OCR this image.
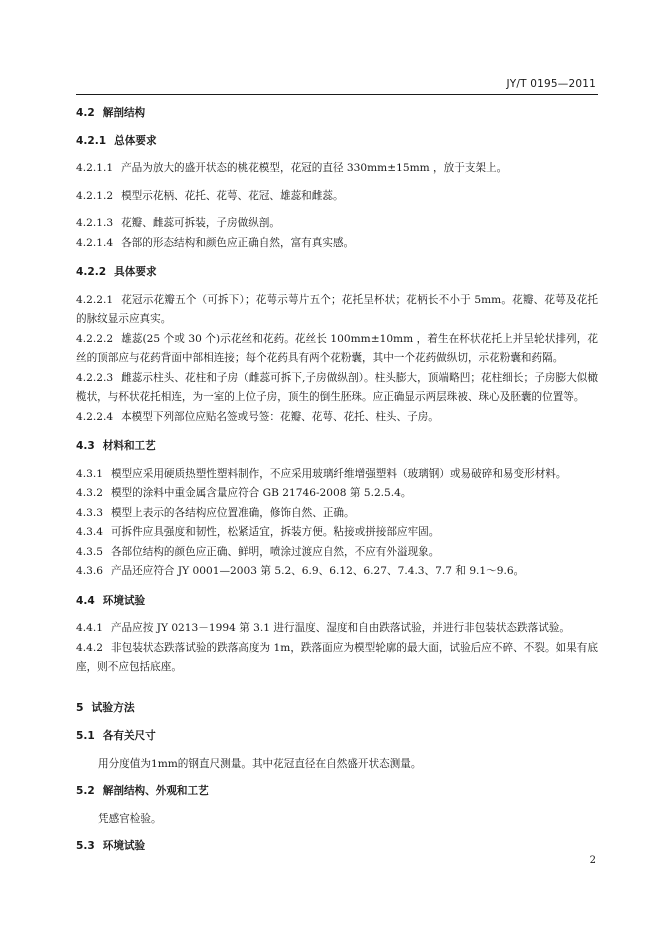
JY/T 0195—2011
4.2 解剖结构
4.2.1 总体要求
4.2.1.1 产品为放大的盛开状态的桃花模型，花冠的直径 330mm±15mm ，放于支架上。
4.2.1.2 模型示花柄、花托、花萼、花冠、雄蕊和雌蕊。
4.2.1.3 花瓣、雌蕊可拆装，子房做纵剖。
4.2.1.4 各部的形态结构和颜色应正确自然，富有真实感。
4.2.2 具体要求
4.2.2.1 花冠示花瓣五个（可拆下）；花萼示萼片五个；花托呈杯状；花柄长不小于 5mm。花瓣、花萼及花托的脉纹显示应真实。
4.2.2.2 雄蕊(25 个或 30 个)示花丝和花药。花丝长 100mm±10mm ，着生在杯状花托上并呈轮状排列，花丝的顶部应与花药背面中部相连接；每个花药具有两个花粉囊，其中一个花药做纵切，示花粉囊和药隔。
4.2.2.3 雌蕊示柱头、花柱和子房（雌蕊可拆下,子房做纵剖）。柱头膨大，顶端略凹；花柱细长；子房膨大似橄榄状，与杯状花托相连，为一室的上位子房，顶生的倒生胚珠。应正确显示两层珠被、珠心及胚囊的位置等。
4.2.2.4 本模型下列部位应贴名签或号签：花瓣、花萼、花托、柱头、子房。
4.3 材料和工艺
4.3.1 模型应采用硬质热塑性塑料制作，不应采用玻璃纤维增强塑料（玻璃钢）或易破碎和易变形材料。
4.3.2 模型的涂料中重金属含量应符合 GB 21746-2008 第 5.2.5.4。
4.3.3 模型上表示的各结构应位置准确，修饰自然、正确。
4.3.4 可拆件应具强度和韧性，松紧适宜，拆装方便。粘接或拼接部应牢固。
4.3.5 各部位结构的颜色应正确、鲜明，喷涂过渡应自然，不应有外溢现象。
4.3.6 产品还应符合 JY 0001—2003 第 5.2、6.9、6.12、6.27、7.4.3、7.7 和 9.1～9.6。
4.4 环境试验
4.4.1 产品应按 JY 0213－1994 第 3.1 进行温度、湿度和自由跌落试验，并进行非包装状态跌落试验。
4.4.2 非包装状态跌落试验的跌落高度为 1m，跌落面应为模型轮廓的最大面，试验后应不碎、不裂。如果有底座，则不应包括底座。
5 试验方法
5.1 各有关尺寸
用分度值为1mm的钢直尺测量。其中花冠直径在自然盛开状态测量。
5.2 解剖结构、外观和工艺
凭感官检验。
5.3 环境试验
2
